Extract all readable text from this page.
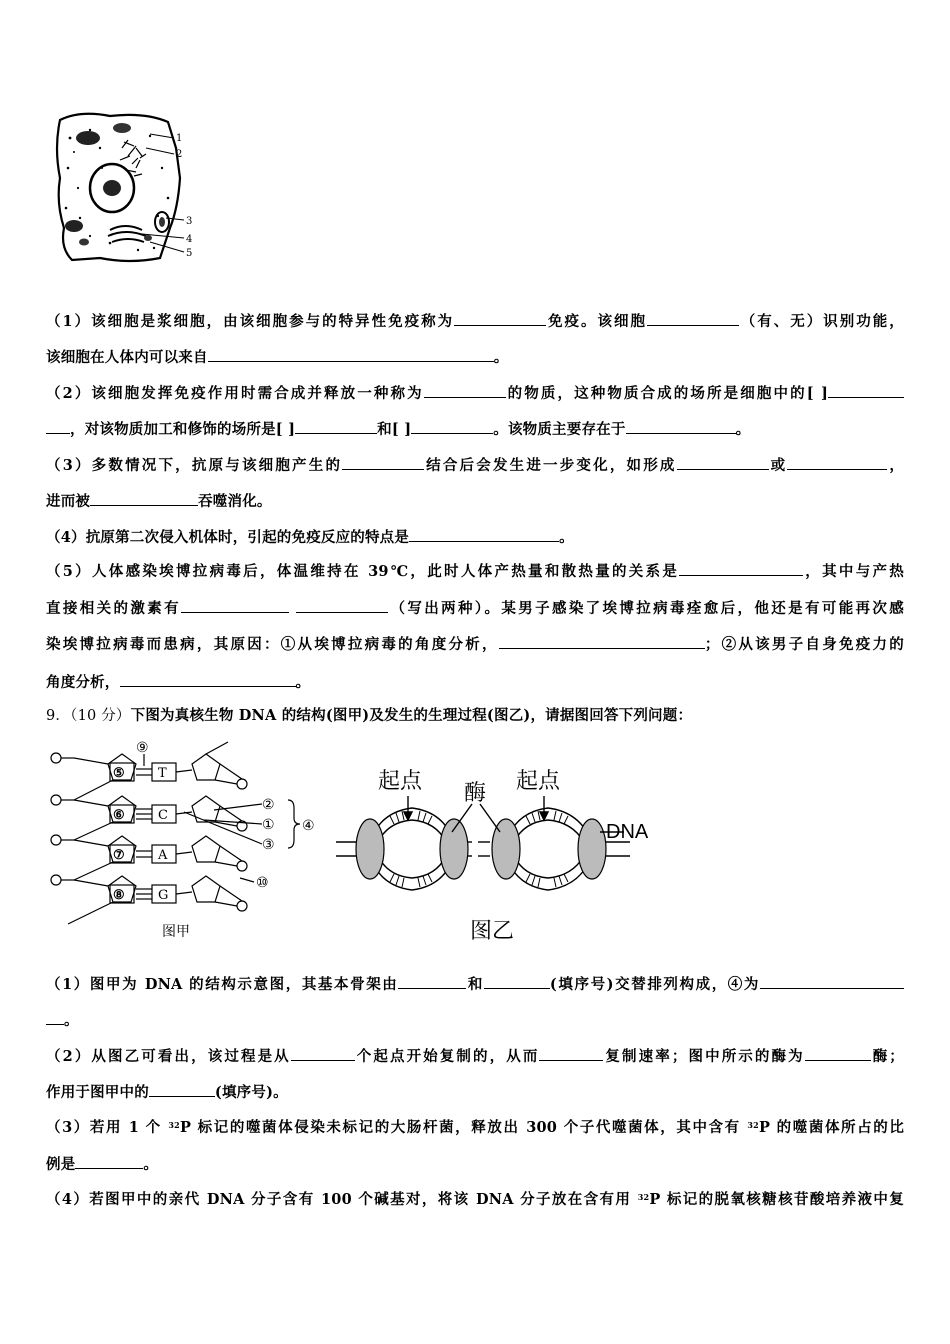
1
2
3
4
5
（1）该细胞是浆细胞，由该细胞参与的特异性免疫称为	免疫。该细胞	（有、无）识别功能，
该细胞在人体内可以来自	。
（2）该细胞发挥免疫作用时需合成并释放一种称为	的物质，这种物质合成的场所是细胞中的[ ]
，对该物质加工和修饰的场所是[ ]	和[ ]	。该物质主要存在于	。
（3）多数情况下，抗原与该细胞产生的	结合后会发生进一步变化，如形成	或	，
进而被	吞噬消化。
（4）抗原第二次侵入机体时，引起的免疫反应的特点是	。
（5）人体感染埃博拉病毒后，体温维持在 39℃，此时人体产热量和散热量的关系是	，其中与产热
直接相关的激素有	（写出两种）。某男子感染了埃博拉病毒痊愈后，他还是有可能再次感
染埃博拉病毒而患病，其原因：①从埃博拉病毒的角度分析，	；②从该男子自身免疫力的
角度分析，	。
9．（10 分）下图为真核生物 DNA 的结构(图甲)及发生的生理过程(图乙)，请据图回答下列问题：
⑤
⑥
⑦
⑧
T
C
A
G
⑨
②
①
③
⑩
④
图甲
起点 酶 起点
DNA
图乙
（1）图甲为 DNA 的结构示意图，其基本骨架由	和	(填序号)交替排列构成，④为
。
（2）从图乙可看出，该过程是从	个起点开始复制的，从而	复制速率；图中所示的酶为	酶；
作用于图甲中的	(填序号)。
（3）若用 1 个 $^{32}$P 标记的噬菌体侵染未标记的大肠杆菌，释放出 300 个子代噬菌体，其中含有 $^{32}$P 的噬菌体所占的比
例是	。
（4）若图甲中的亲代 DNA 分子含有 100 个碱基对，将该 DNA 分子放在含有用 $^{32}$P 标记的脱氧核糖核苷酸培养液中复
